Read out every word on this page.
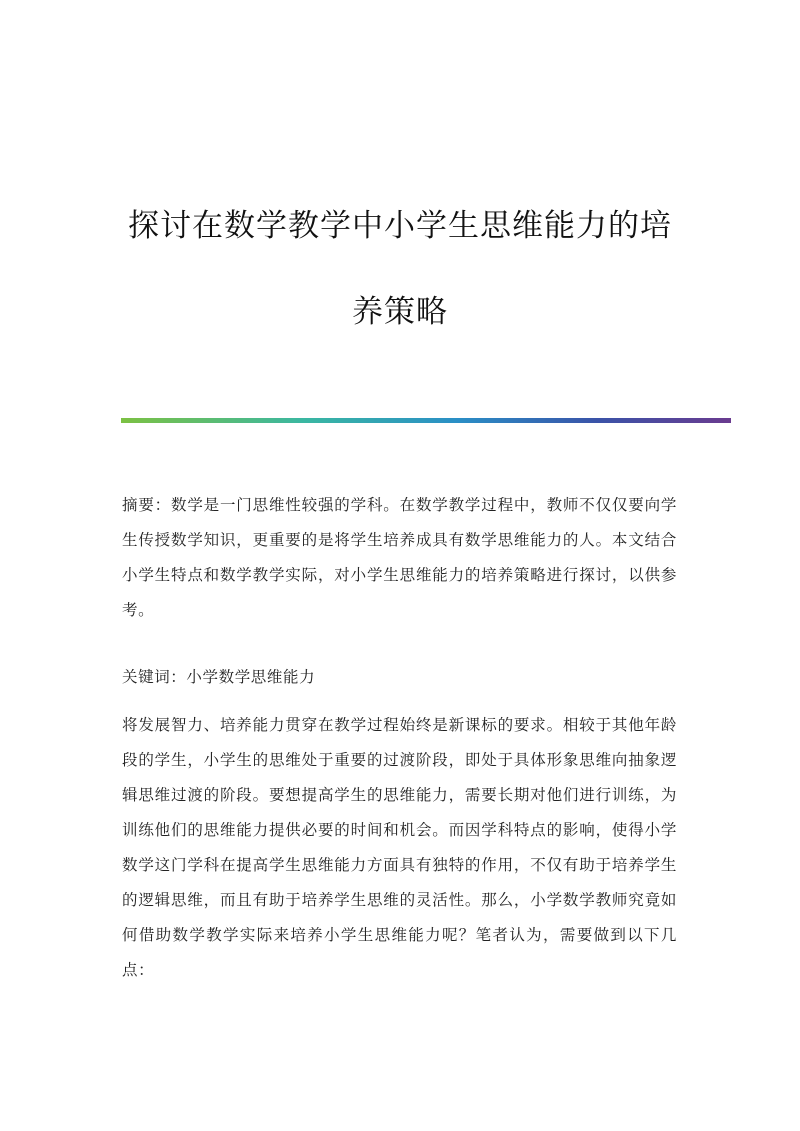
探讨在数学教学中小学生思维能力的培养策略

摘要：数学是一门思维性较强的学科。在数学教学过程中，教师不仅仅要向学生传授数学知识，更重要的是将学生培养成具有数学思维能力的人。本文结合小学生特点和数学教学实际，对小学生思维能力的培养策略进行探讨，以供参考。

关键词：小学数学思维能力

将发展智力、培养能力贯穿在教学过程始终是新课标的要求。相较于其他年龄段的学生，小学生的思维处于重要的过渡阶段，即处于具体形象思维向抽象逻辑思维过渡的阶段。要想提高学生的思维能力，需要长期对他们进行训练，为训练他们的思维能力提供必要的时间和机会。而因学科特点的影响，使得小学数学这门学科在提高学生思维能力方面具有独特的作用，不仅有助于培养学生的逻辑思维，而且有助于培养学生思维的灵活性。那么，小学数学教师究竟如何借助数学教学实际来培养小学生思维能力呢？笔者认为，需要做到以下几点：
